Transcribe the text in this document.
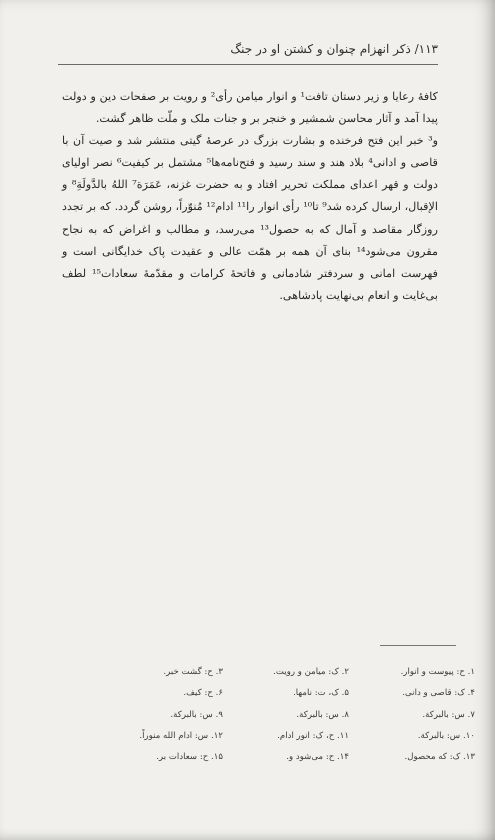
۱۱۳/ ذکر انهزام چنوان و کشتن او در جنگ

کافۀ رعایا و زیر دستان تافت¹ و انوار میامن رأی² و رویت بر صفحات دین و دولت پیدا آمد و آثار محاسن شمشیر و خنجر بر و جنات ملک و ملّت ظاهر گشت.

و³ خبر این فتح فرخنده و بشارت بزرگ در عرصۀ گیتی منتشر شد و صیت آن با قاصی و ادانی⁴ بلاد هند و سند رسید و فتح‌نامه‌ها⁵ مشتمل بر کیفیت⁶ نصر اولیای دولت و قهر اعدای مملکت تحریر افتاد و به حضرت غزنه، عَمَرَة⁷ اللهُ بالدَّولَةِ⁸ و الإقبال، ارسال کرده شد⁹ تا¹⁰ رأی انوار را¹¹ ادام¹² مُنوّراً، روشن گردد. که بر تجدد روزگار مقاصد و آمال که به حصول¹³ می‌رسد، و مطالب و اغراض که به نجاح مقرون می‌شود¹⁴ بنای آن همه بر همّت عالی و عقیدت پاک خدایگانی است و فهرست امانی و سردفتر شادمانی و فاتحۀ کرامات و مقدّمۀ سعادات¹⁵ لطف بی‌غایت و انعام بی‌نهایت پادشاهی.

۱. ح: پیوست و انوار.
۲. ک: میامن و رویت.
۳. ح: گشت خبر.
۴. ک: قاصی و دانی.
۵. ک، ت: نامها.
۶. ح: کیف.
۷. س: بالبرکة.
۸. س: بالبرکة.
۹. س: بالبرکة.
۱۰. س: بالبرکة.
۱۱. ح، ک: انور ادام.
۱۲. س: ادام الله منوراً.
۱۳. ک: که محصول.
۱۴. ح: می‌شود و.
۱۵. ح: سعادات بر.
